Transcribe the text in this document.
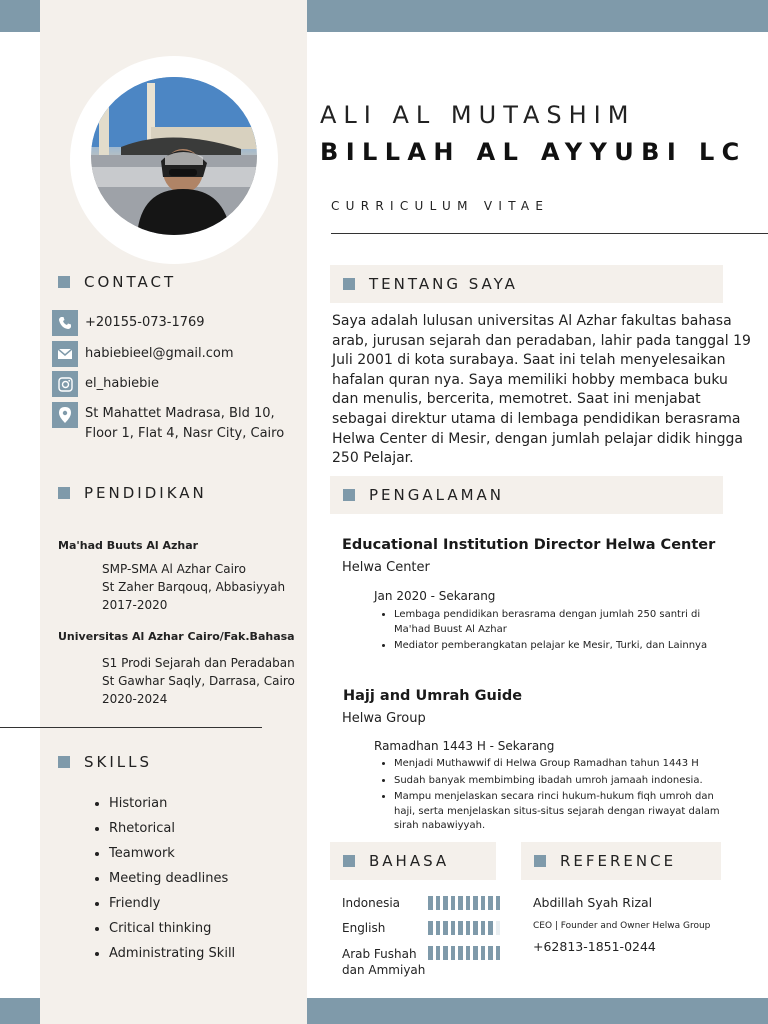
ALI AL MUTASHIM
BILLAH AL AYYUBI LC
CURRICULUM VITAE
CONTACT
+20155-073-1769
habiebieel@gmail.com
el_habiebie
St Mahattet Madrasa, Bld 10,
Floor 1, Flat 4, Nasr City, Cairo
TENTANG SAYA
Saya adalah lulusan universitas Al Azhar fakultas bahasa arab, jurusan sejarah dan peradaban, lahir pada tanggal 19 Juli 2001 di kota surabaya. Saat ini telah menyelesaikan hafalan quran nya. Saya memiliki hobby membaca buku dan menulis, bercerita, memotret. Saat ini menjabat sebagai direktur utama di lembaga pendidikan berasrama Helwa Center di Mesir, dengan jumlah pelajar didik hingga 250 Pelajar.
PENDIDIKAN
Ma'had Buuts Al Azhar
SMP-SMA Al Azhar Cairo
St Zaher Barqouq, Abbasiyyah
2017-2020
Universitas Al Azhar Cairo/Fak.Bahasa
S1 Prodi Sejarah dan Peradaban
St Gawhar Saqly, Darrasa, Cairo
2020-2024
SKILLS
• Historian
• Rhetorical
• Teamwork
• Meeting deadlines
• Friendly
• Critical thinking
• Administrating Skill
PENGALAMAN
Educational Institution Director Helwa Center
Helwa Center
Jan 2020 - Sekarang
• Lembaga pendidikan berasrama dengan jumlah 250 santri di Ma'had Buust Al Azhar
• Mediator pemberangkatan pelajar ke Mesir, Turki, dan Lainnya
Hajj and Umrah Guide
Helwa Group
Ramadhan 1443 H - Sekarang
• Menjadi Muthawwif di Helwa Group Ramadhan tahun 1443 H
• Sudah banyak membimbing ibadah umroh jamaah indonesia.
• Mampu menjelaskan secara rinci hukum-hukum fiqh umroh dan haji, serta menjelaskan situs-situs sejarah dengan riwayat dalam sirah nabawiyyah.
BAHASA
Indonesia
English
Arab Fushah dan Ammiyah
REFERENCE
Abdillah Syah Rizal
CEO | Founder and Owner Helwa Group
+62813-1851-0244
